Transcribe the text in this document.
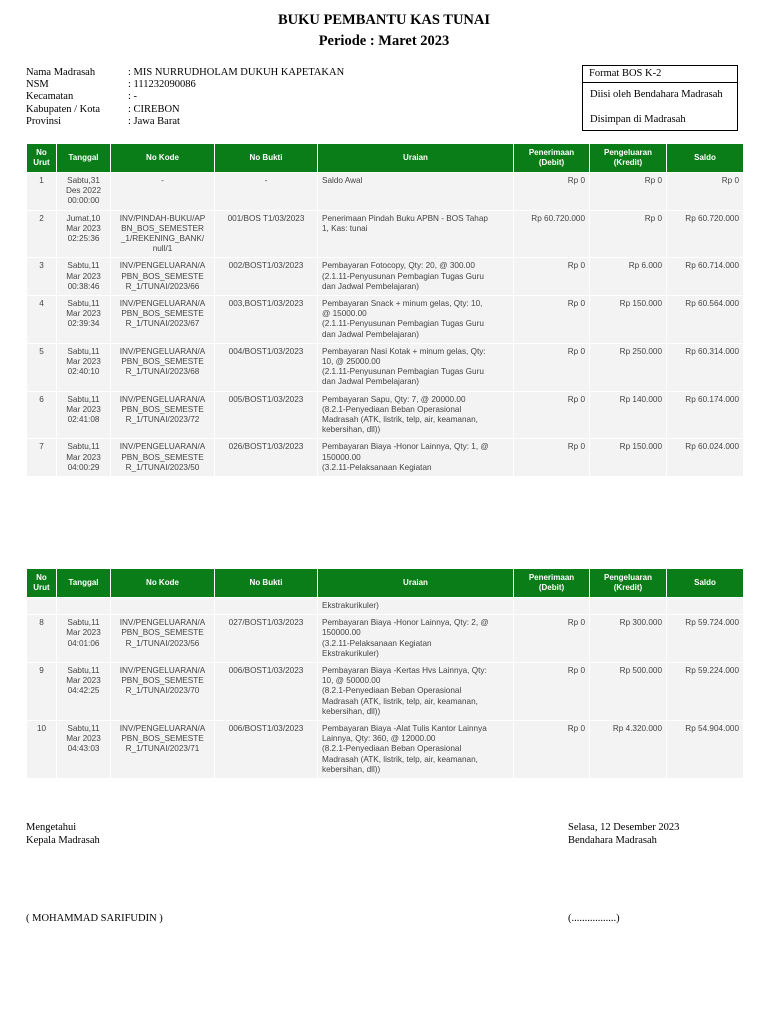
BUKU PEMBANTU KAS TUNAI
Periode : Maret 2023
Nama Madrasah	: MIS NURRUDHOLAM DUKUH KAPETAKAN
NSM	: 111232090086
Kecamatan	: -
Kabupaten / Kota	: CIREBON
Provinsi	: Jawa Barat
Format BOS K-2
Diisi oleh Bendahara Madrasah
Disimpan di Madrasah
No
Urut	Tanggal	No Kode	No Bukti	Uraian	Penerimaan
(Debit)	Pengeluaran
(Kredit)	Saldo
1	Sabtu,31
Des 2022
00:00:00	-	-	Saldo Awal	Rp 0	Rp 0	Rp 0
2	Jumat,10
Mar 2023
02:25:36	INV/PINDAH-BUKU/AP
BN_BOS_SEMESTER
_1/REKENING_BANK/
null/1	001/BOS T1/03/2023	Penerimaan Pindah Buku APBN - BOS Tahap
1, Kas: tunai	Rp 60.720.000	Rp 0	Rp 60.720.000
3	Sabtu,11
Mar 2023
00:38:46	INV/PENGELUARAN/A
PBN_BOS_SEMESTE
R_1/TUNAI/2023/66	002/BOST1/03/2023	Pembayaran Fotocopy, Qty: 20, @ 300.00
(2.1.11-Penyusunan Pembagian Tugas Guru
dan Jadwal Pembelajaran)	Rp 0	Rp 6.000	Rp 60.714.000
4	Sabtu,11
Mar 2023
02:39:34	INV/PENGELUARAN/A
PBN_BOS_SEMESTE
R_1/TUNAI/2023/67	003,BOST1/03/2023	Pembayaran Snack + minum gelas, Qty: 10,
@ 15000.00
(2.1.11-Penyusunan Pembagian Tugas Guru
dan Jadwal Pembelajaran)	Rp 0	Rp 150.000	Rp 60.564.000
5	Sabtu,11
Mar 2023
02:40:10	INV/PENGELUARAN/A
PBN_BOS_SEMESTE
R_1/TUNAI/2023/68	004/BOST1/03/2023	Pembayaran Nasi Kotak + minum gelas, Qty:
10, @ 25000.00
(2.1.11-Penyusunan Pembagian Tugas Guru
dan Jadwal Pembelajaran)	Rp 0	Rp 250.000	Rp 60.314.000
6	Sabtu,11
Mar 2023
02:41:08	INV/PENGELUARAN/A
PBN_BOS_SEMESTE
R_1/TUNAI/2023/72	005/BOST1/03/2023	Pembayaran Sapu, Qty: 7, @ 20000.00
(8.2.1-Penyediaan Beban Operasional
Madrasah (ATK, listrik, telp, air, keamanan,
kebersihan, dll))	Rp 0	Rp 140.000	Rp 60.174.000
7	Sabtu,11
Mar 2023
04:00:29	INV/PENGELUARAN/A
PBN_BOS_SEMESTE
R_1/TUNAI/2023/50	026/BOST1/03/2023	Pembayaran Biaya -Honor Lainnya, Qty: 1, @
150000.00
(3.2.11-Pelaksanaan Kegiatan	Rp 0	Rp 150.000	Rp 60.024.000
No
Urut	Tanggal	No Kode	No Bukti	Uraian	Penerimaan
(Debit)	Pengeluaran
(Kredit)	Saldo
				Ekstrakurikuler)			
8	Sabtu,11
Mar 2023
04:01:06	INV/PENGELUARAN/A
PBN_BOS_SEMESTE
R_1/TUNAI/2023/56	027/BOST1/03/2023	Pembayaran Biaya -Honor Lainnya, Qty: 2, @
150000.00
(3.2.11-Pelaksanaan Kegiatan
Ekstrakurikuler)	Rp 0	Rp 300.000	Rp 59.724.000
9	Sabtu,11
Mar 2023
04:42:25	INV/PENGELUARAN/A
PBN_BOS_SEMESTE
R_1/TUNAI/2023/70	006/BOST1/03/2023	Pembayaran Biaya -Kertas Hvs Lainnya, Qty:
10, @ 50000.00
(8.2.1-Penyediaan Beban Operasional
Madrasah (ATK, listrik, telp, air, keamanan,
kebersihan, dll))	Rp 0	Rp 500.000	Rp 59.224.000
10	Sabtu,11
Mar 2023
04:43:03	INV/PENGELUARAN/A
PBN_BOS_SEMESTE
R_1/TUNAI/2023/71	006/BOST1/03/2023	Pembayaran Biaya -Alat Tulis Kantor Lainnya
Lainnya, Qty: 360, @ 12000.00
(8.2.1-Penyediaan Beban Operasional
Madrasah (ATK, listrik, telp, air, keamanan,
kebersihan, dll))	Rp 0	Rp 4.320.000	Rp 54.904.000
Mengetahui
Kepala Madrasah
( MOHAMMAD SARIFUDIN )
Selasa, 12 Desember 2023
Bendahara Madrasah
(.................)
